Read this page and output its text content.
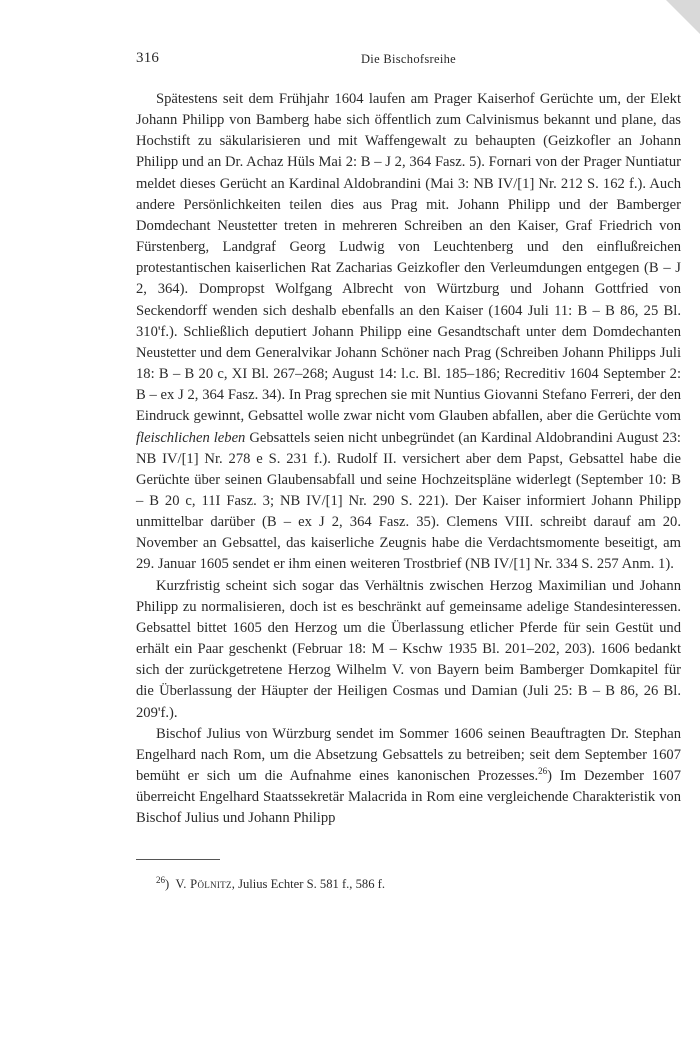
316	Die Bischofsreihe

Spätestens seit dem Frühjahr 1604 laufen am Prager Kaiserhof Gerüchte um, der Elekt Johann Philipp von Bamberg habe sich öffentlich zum Calvinismus bekannt und plane, das Hochstift zu säkularisieren und mit Waffengewalt zu behaupten (Geizkofler an Johann Philipp und an Dr. Achaz Hüls Mai 2: B – J 2, 364 Fasz. 5). Fornari von der Prager Nuntiatur meldet dieses Gerücht an Kardinal Aldobrandini (Mai 3: NB IV/[1] Nr. 212 S. 162 f.). Auch andere Persönlichkeiten teilen dies aus Prag mit. Johann Philipp und der Bamberger Domdechant Neustetter treten in mehreren Schreiben an den Kaiser, Graf Friedrich von Fürstenberg, Landgraf Georg Ludwig von Leuchtenberg und den einflußreichen protestantischen kaiserlichen Rat Zacharias Geizkofler den Verleumdungen entgegen (B – J 2, 364). Dompropst Wolfgang Albrecht von Würtzburg und Johann Gottfried von Seckendorff wenden sich deshalb ebenfalls an den Kaiser (1604 Juli 11: B – B 86, 25 Bl. 310'f.). Schließlich deputiert Johann Philipp eine Gesandtschaft unter dem Domdechanten Neustetter und dem Generalvikar Johann Schöner nach Prag (Schreiben Johann Philipps Juli 18: B – B 20 c, XI Bl. 267–268; August 14: l.c. Bl. 185–186; Recreditiv 1604 September 2: B – ex J 2, 364 Fasz. 34). In Prag sprechen sie mit Nuntius Giovanni Stefano Ferreri, der den Eindruck gewinnt, Gebsattel wolle zwar nicht vom Glauben abfallen, aber die Gerüchte vom fleischlichen leben Gebsattels seien nicht unbegründet (an Kardinal Aldobrandini August 23: NB IV/[1] Nr. 278 e S. 231 f.). Rudolf II. versichert aber dem Papst, Gebsattel habe die Gerüchte über seinen Glaubensabfall und seine Hochzeitspläne widerlegt (September 10: B – B 20 c, 11I Fasz. 3; NB IV/[1] Nr. 290 S. 221). Der Kaiser informiert Johann Philipp unmittelbar darüber (B – ex J 2, 364 Fasz. 35). Clemens VIII. schreibt darauf am 20. November an Gebsattel, das kaiserliche Zeugnis habe die Verdachtsmomente beseitigt, am 29. Januar 1605 sendet er ihm einen weiteren Trostbrief (NB IV/[1] Nr. 334 S. 257 Anm. 1).

Kurzfristig scheint sich sogar das Verhältnis zwischen Herzog Maximilian und Johann Philipp zu normalisieren, doch ist es beschränkt auf gemeinsame adelige Standesinteressen. Gebsattel bittet 1605 den Herzog um die Überlassung etlicher Pferde für sein Gestüt und erhält ein Paar geschenkt (Februar 18: M – Kschw 1935 Bl. 201–202, 203). 1606 bedankt sich der zurückgetretene Herzog Wilhelm V. von Bayern beim Bamberger Domkapitel für die Überlassung der Häupter der Heiligen Cosmas und Damian (Juli 25: B – B 86, 26 Bl. 209'f.).

Bischof Julius von Würzburg sendet im Sommer 1606 seinen Beauftragten Dr. Stephan Engelhard nach Rom, um die Absetzung Gebsattels zu betreiben; seit dem September 1607 bemüht er sich um die Aufnahme eines kanonischen Prozesses.$^{26}$) Im Dezember 1607 überreicht Engelhard Staatssekretär Malacrida in Rom eine vergleichende Charakteristik von Bischof Julius und Johann Philipp

$^{26}$) V. Pölnitz, Julius Echter S. 581 f., 586 f.
